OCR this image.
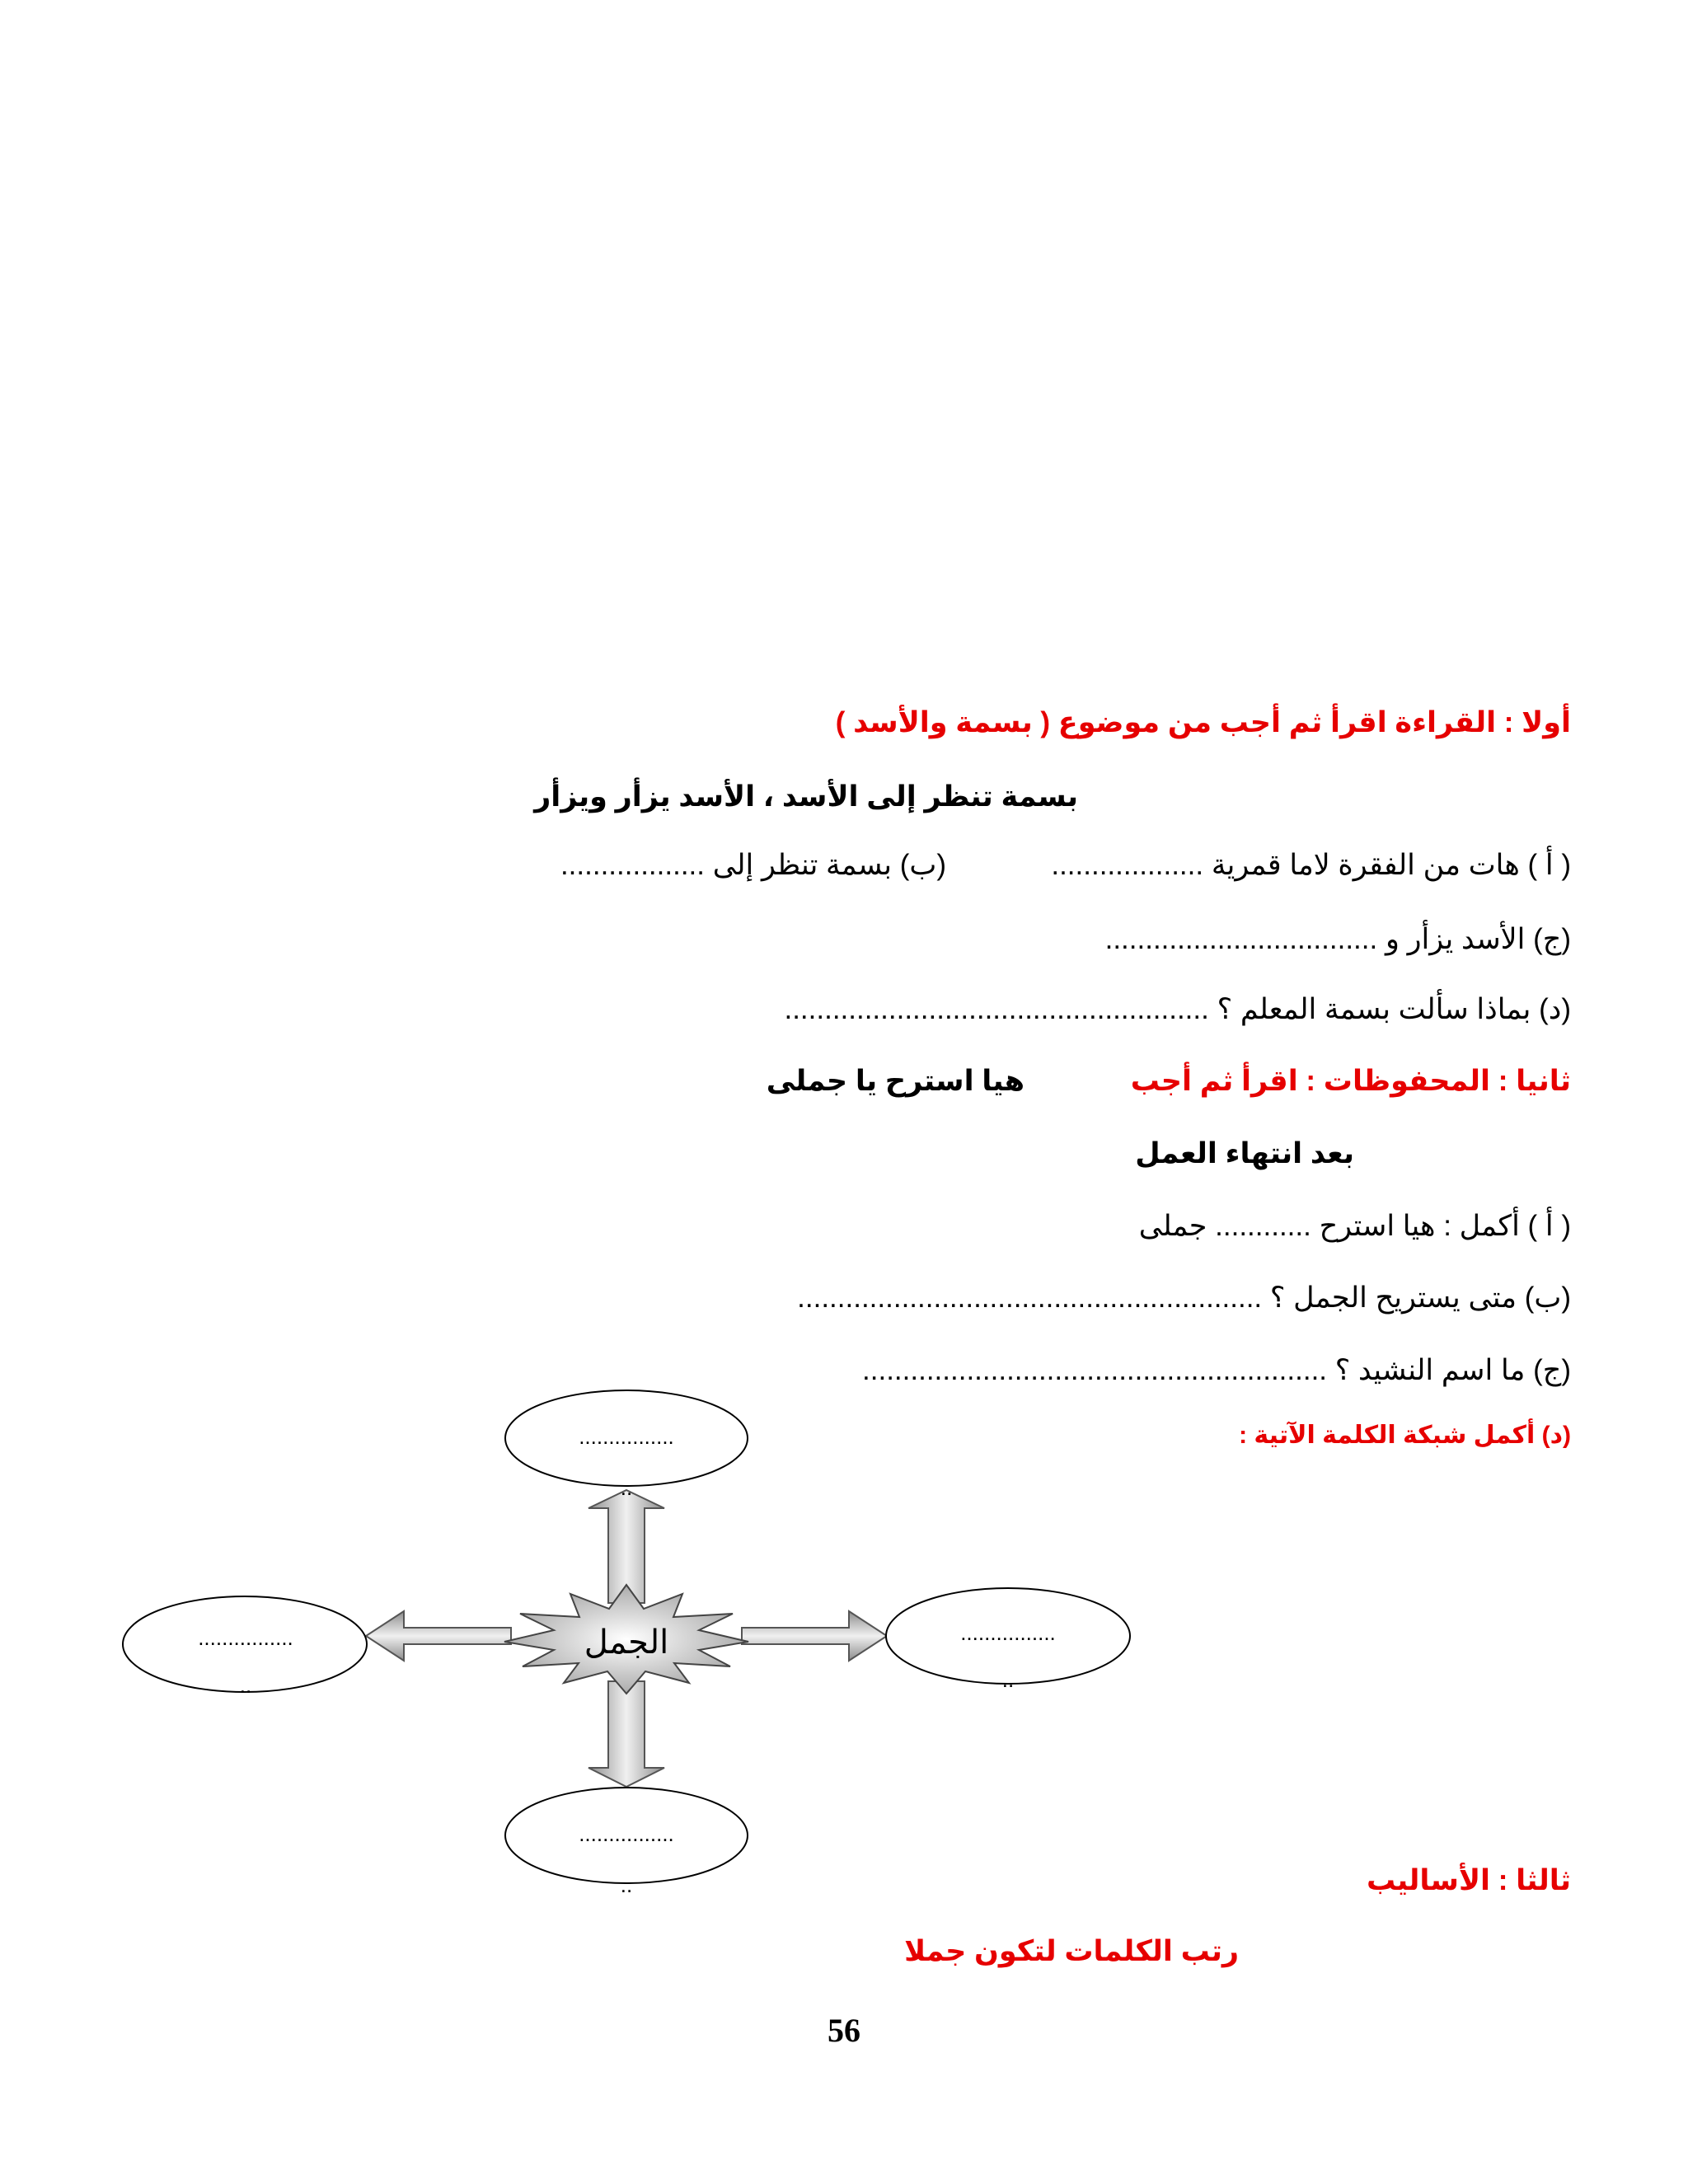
أولا : القراءة اقرأ ثم أجب من موضوع ( بسمة والأسد )
بسمة تنظر إلى الأسد ، الأسد يزأر ويزأر
( أ ) هات من الفقرة لاما قمرية ...................
(ب) بسمة تنظر إلى ..................
(ج) الأسد يزأر و ..................................
(د) بماذا سألت بسمة المعلم ؟ .....................................................
ثانيا : المحفوظات : اقرأ ثم أجب
هيا استرح يا جملى
بعد انتهاء العمل
( أ ) أكمل : هيا استرح ............ جملى
(ب) متى يستريح الجمل ؟ ..........................................................
(ج) ما اسم النشيد ؟ ..........................................................
(د) أكمل شبكة الكلمة الآتية :
الجمل
................
..
................
..
................
..
................
..
ثالثا : الأساليب
رتب الكلمات لتكون جملا
56
